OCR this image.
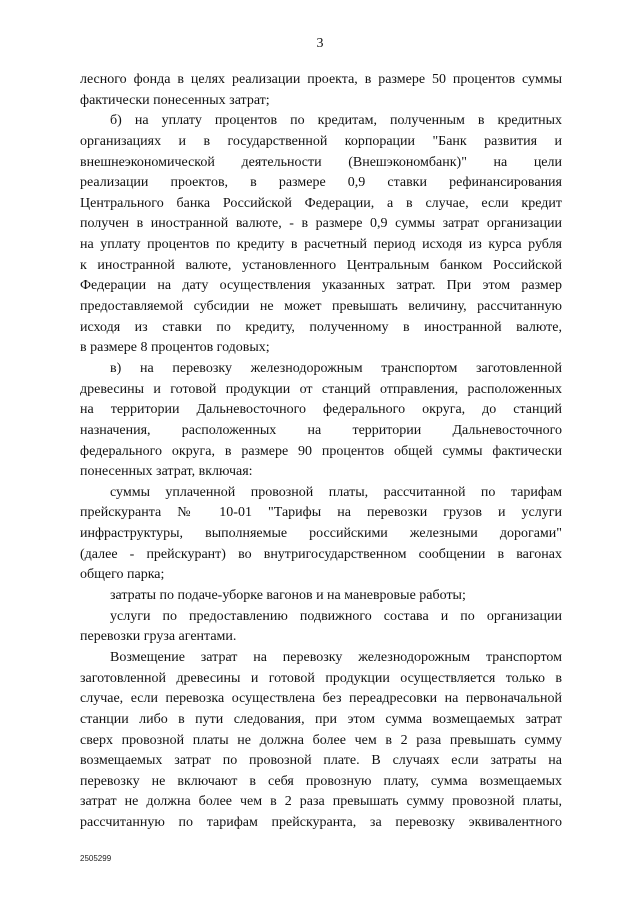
3
лесного фонда в целях реализации проекта, в размере 50 процентов суммы
фактически понесенных затрат;
б) на уплату процентов по кредитам, полученным в кредитных
организациях и в государственной корпорации "Банк развития и
внешнеэкономической деятельности (Внешэкономбанк)" на цели
реализации проектов, в размере 0,9 ставки рефинансирования
Центрального банка Российской Федерации, а в случае, если кредит
получен в иностранной валюте, - в размере 0,9 суммы затрат организации
на уплату процентов по кредиту в расчетный период исходя из курса рубля
к иностранной валюте, установленного Центральным банком Российской
Федерации на дату осуществления указанных затрат. При этом размер
предоставляемой субсидии не может превышать величину, рассчитанную
исходя из ставки по кредиту, полученному в иностранной валюте,
в размере 8 процентов годовых;
в) на перевозку железнодорожным транспортом заготовленной
древесины и готовой продукции от станций отправления, расположенных
на территории Дальневосточного федерального округа, до станций
назначения, расположенных на территории Дальневосточного
федерального округа, в размере 90 процентов общей суммы фактически
понесенных затрат, включая:
суммы уплаченной провозной платы, рассчитанной по тарифам
прейскуранта № 10-01 "Тарифы на перевозки грузов и услуги
инфраструктуры, выполняемые российскими железными дорогами"
(далее - прейскурант) во внутригосударственном сообщении в вагонах
общего парка;
затраты по подаче-уборке вагонов и на маневровые работы;
услуги по предоставлению подвижного состава и по организации
перевозки груза агентами.
Возмещение затрат на перевозку железнодорожным транспортом
заготовленной древесины и готовой продукции осуществляется только в
случае, если перевозка осуществлена без переадресовки на первоначальной
станции либо в пути следования, при этом сумма возмещаемых затрат
сверх провозной платы не должна более чем в 2 раза превышать сумму
возмещаемых затрат по провозной плате. В случаях если затраты на
перевозку не включают в себя провозную плату, сумма возмещаемых
затрат не должна более чем в 2 раза превышать сумму провозной платы,
рассчитанную по тарифам прейскуранта, за перевозку эквивалентного
2505299
